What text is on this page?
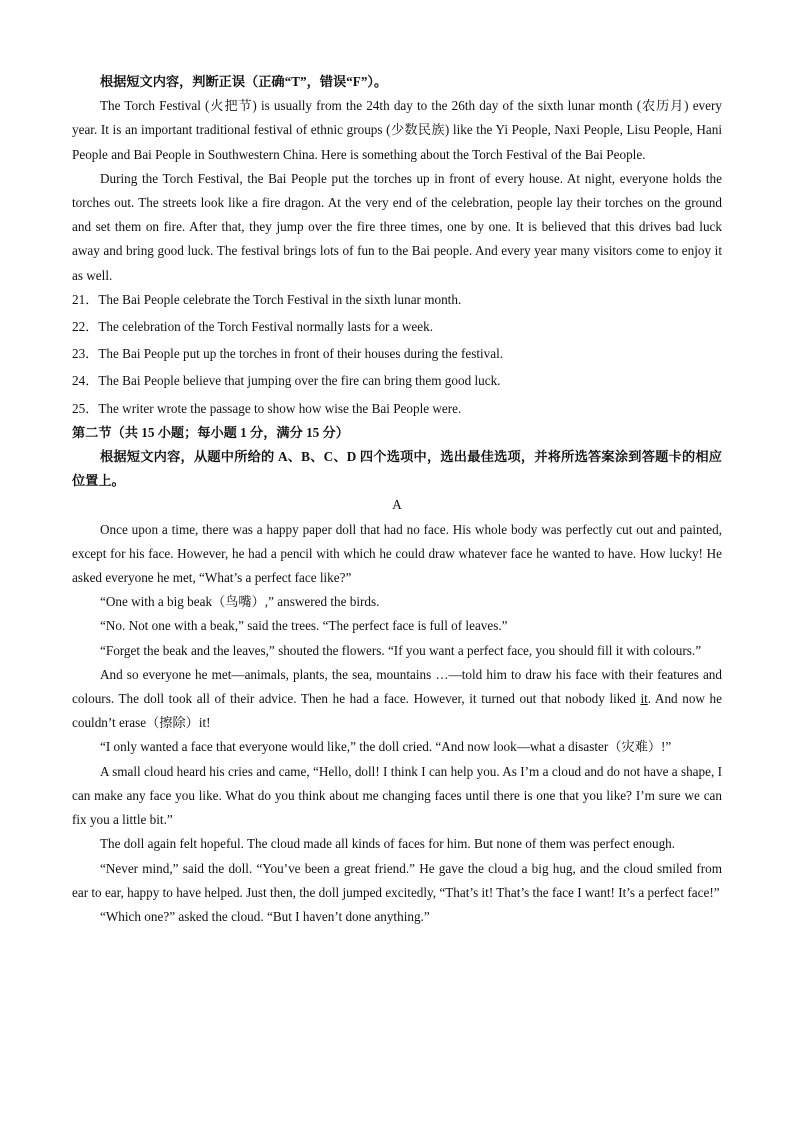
根据短文内容，判断正误（正确“T”，错误“F”）。

The Torch Festival (火把节) is usually from the 24th day to the 26th day of the sixth lunar month (农历月) every year. It is an important traditional festival of ethnic groups (少数民族) like the Yi People, Naxi People, Lisu People, Hani People and Bai People in Southwestern China. Here is something about the Torch Festival of the Bai People.

During the Torch Festival, the Bai People put the torches up in front of every house. At night, everyone holds the torches out. The streets look like a fire dragon. At the very end of the celebration, people lay their torches on the ground and set them on fire. After that, they jump over the fire three times, one by one. It is believed that this drives bad luck away and bring good luck. The festival brings lots of fun to the Bai people. And every year many visitors come to enjoy it as well.

21．The Bai People celebrate the Torch Festival in the sixth lunar month.

22．The celebration of the Torch Festival normally lasts for a week.

23．The Bai People put up the torches in front of their houses during the festival.

24．The Bai People believe that jumping over the fire can bring them good luck.

25．The writer wrote the passage to show how wise the Bai People were.

第二节（共 15 小题；每小题 1 分，满分 15 分）

根据短文内容，从题中所给的 A、B、C、D 四个选项中，选出最佳选项，并将所选答案涂到答题卡的相应位置上。

A

Once upon a time, there was a happy paper doll that had no face. His whole body was perfectly cut out and painted, except for his face. However, he had a pencil with which he could draw whatever face he wanted to have. How lucky! He asked everyone he met, “What’s a perfect face like?”

“One with a big beak（鸟嘴）,” answered the birds.

“No. Not one with a beak,” said the trees. “The perfect face is full of leaves.”

“Forget the beak and the leaves,” shouted the flowers. “If you want a perfect face, you should fill it with colours.”

And so everyone he met—animals, plants, the sea, mountains …—told him to draw his face with their features and colours. The doll took all of their advice. Then he had a face. However, it turned out that nobody liked it. And now he couldn’t erase（擦除）it!

“I only wanted a face that everyone would like,” the doll cried. “And now look—what a disaster（灾难）!”

A small cloud heard his cries and came, “Hello, doll! I think I can help you. As I’m a cloud and do not have a shape, I can make any face you like. What do you think about me changing faces until there is one that you like? I’m sure we can fix you a little bit.”

The doll again felt hopeful. The cloud made all kinds of faces for him. But none of them was perfect enough.

“Never mind,” said the doll. “You’ve been a great friend.” He gave the cloud a big hug, and the cloud smiled from ear to ear, happy to have helped. Just then, the doll jumped excitedly, “That’s it! That’s the face I want! It’s a perfect face!”

“Which one?” asked the cloud. “But I haven’t done anything.”
